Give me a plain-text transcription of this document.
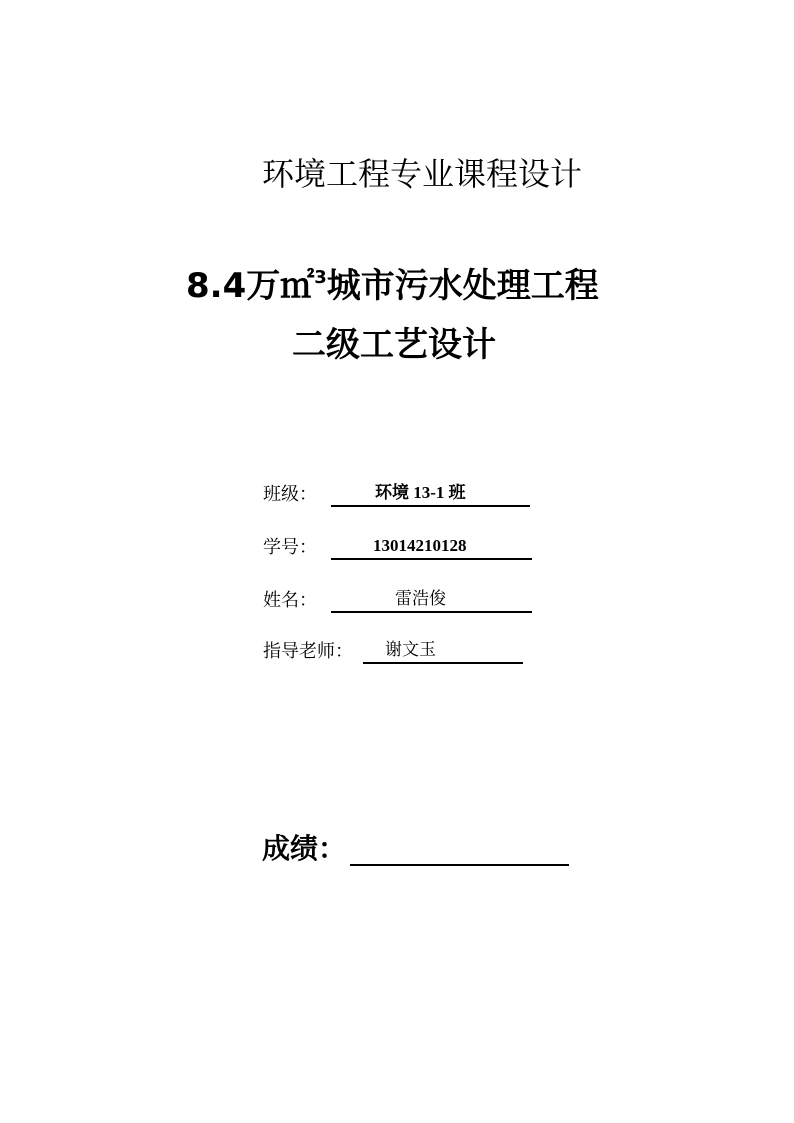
环境工程专业课程设计
8.4万㎡$^3$城市污水处理工程
二级工艺设计
班级：	环境 13-1 班
学号：	13014210128
姓名：	雷浩俊
指导老师： 谢文玉
成绩：
